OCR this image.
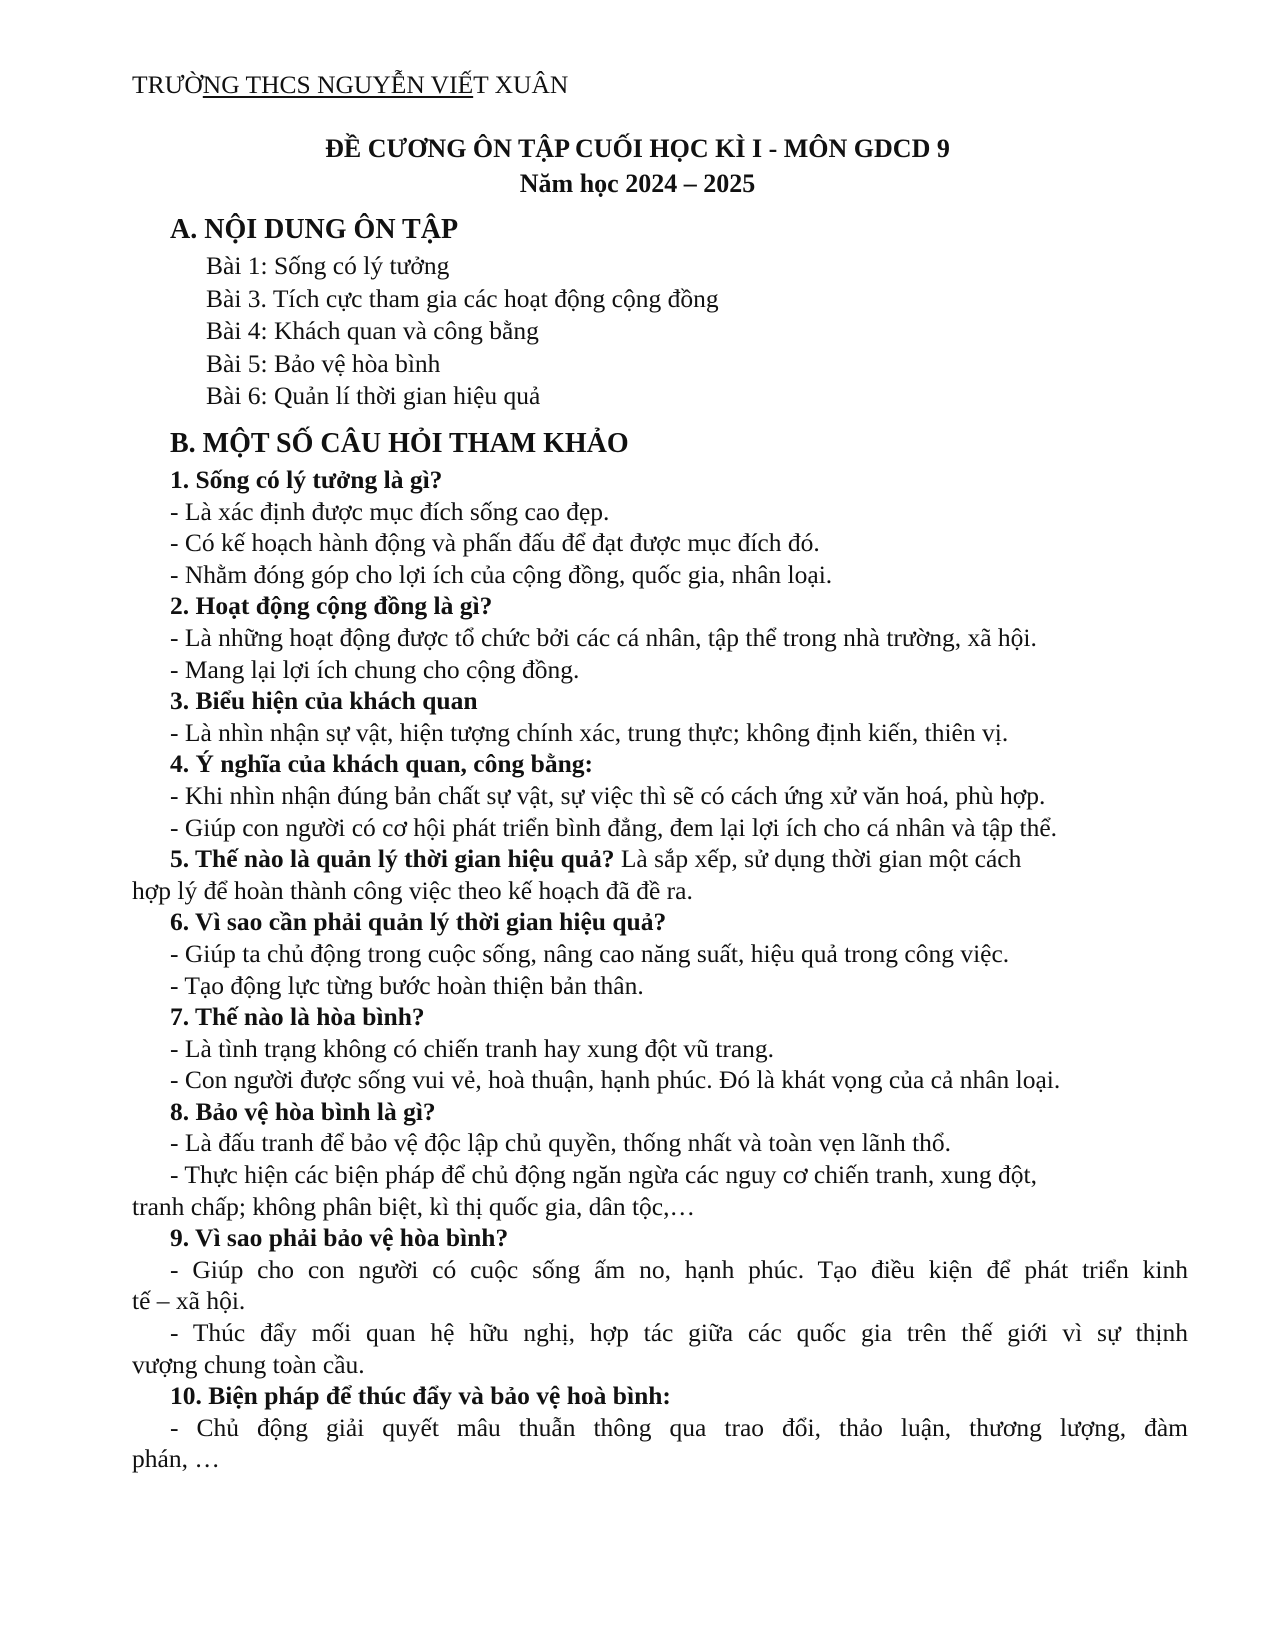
TRƯỜNG THCS NGUYỄN VIẾT XUÂN
ĐỀ CƯƠNG ÔN TẬP CUỐI HỌC KÌ I - MÔN GDCD 9
Năm học 2024 – 2025
A. NỘI DUNG ÔN TẬP
Bài 1: Sống có lý tưởng
Bài 3. Tích cực tham gia các hoạt động cộng đồng
Bài 4: Khách quan và công bằng
Bài 5: Bảo vệ hòa bình
Bài 6: Quản lí thời gian hiệu quả
B. MỘT SỐ CÂU HỎI THAM KHẢO
1. Sống có lý tưởng là gì?
- Là xác định được mục đích sống cao đẹp.
- Có kế hoạch hành động và phấn đấu để đạt được mục đích đó.
- Nhằm đóng góp cho lợi ích của cộng đồng, quốc gia, nhân loại.
2. Hoạt động cộng đồng là gì?
- Là những hoạt động được tổ chức bởi các cá nhân, tập thể trong nhà trường, xã hội.
- Mang lại lợi ích chung cho cộng đồng.
3. Biểu hiện của khách quan
- Là nhìn nhận sự vật, hiện tượng chính xác, trung thực; không định kiến, thiên vị.
4. Ý nghĩa của khách quan, công bằng:
- Khi nhìn nhận đúng bản chất sự vật, sự việc thì sẽ có cách ứng xử văn hoá, phù hợp.
- Giúp con người có cơ hội phát triển bình đẳng, đem lại lợi ích cho cá nhân và tập thể.
5. Thế nào là quản lý thời gian hiệu quả? Là sắp xếp, sử dụng thời gian một cách
hợp lý để hoàn thành công việc theo kế hoạch đã đề ra.
6. Vì sao cần phải quản lý thời gian hiệu quả?
- Giúp ta chủ động trong cuộc sống, nâng cao năng suất, hiệu quả trong công việc.
- Tạo động lực từng bước hoàn thiện bản thân.
7. Thế nào là hòa bình?
- Là tình trạng không có chiến tranh hay xung đột vũ trang.
- Con người được sống vui vẻ, hoà thuận, hạnh phúc. Đó là khát vọng của cả nhân loại.
8. Bảo vệ hòa bình là gì?
- Là đấu tranh để bảo vệ độc lập chủ quyền, thống nhất và toàn vẹn lãnh thổ.
- Thực hiện các biện pháp để chủ động ngăn ngừa các nguy cơ chiến tranh, xung đột,
tranh chấp; không phân biệt, kì thị quốc gia, dân tộc,…
9. Vì sao phải bảo vệ hòa bình?
- Giúp cho con người có cuộc sống ấm no, hạnh phúc. Tạo điều kiện để phát triển kinh
tế – xã hội.
- Thúc đẩy mối quan hệ hữu nghị, hợp tác giữa các quốc gia trên thế giới vì sự thịnh
vượng chung toàn cầu.
10. Biện pháp để thúc đẩy và bảo vệ hoà bình:
- Chủ động giải quyết mâu thuẫn thông qua trao đổi, thảo luận, thương lượng, đàm
phán, …
